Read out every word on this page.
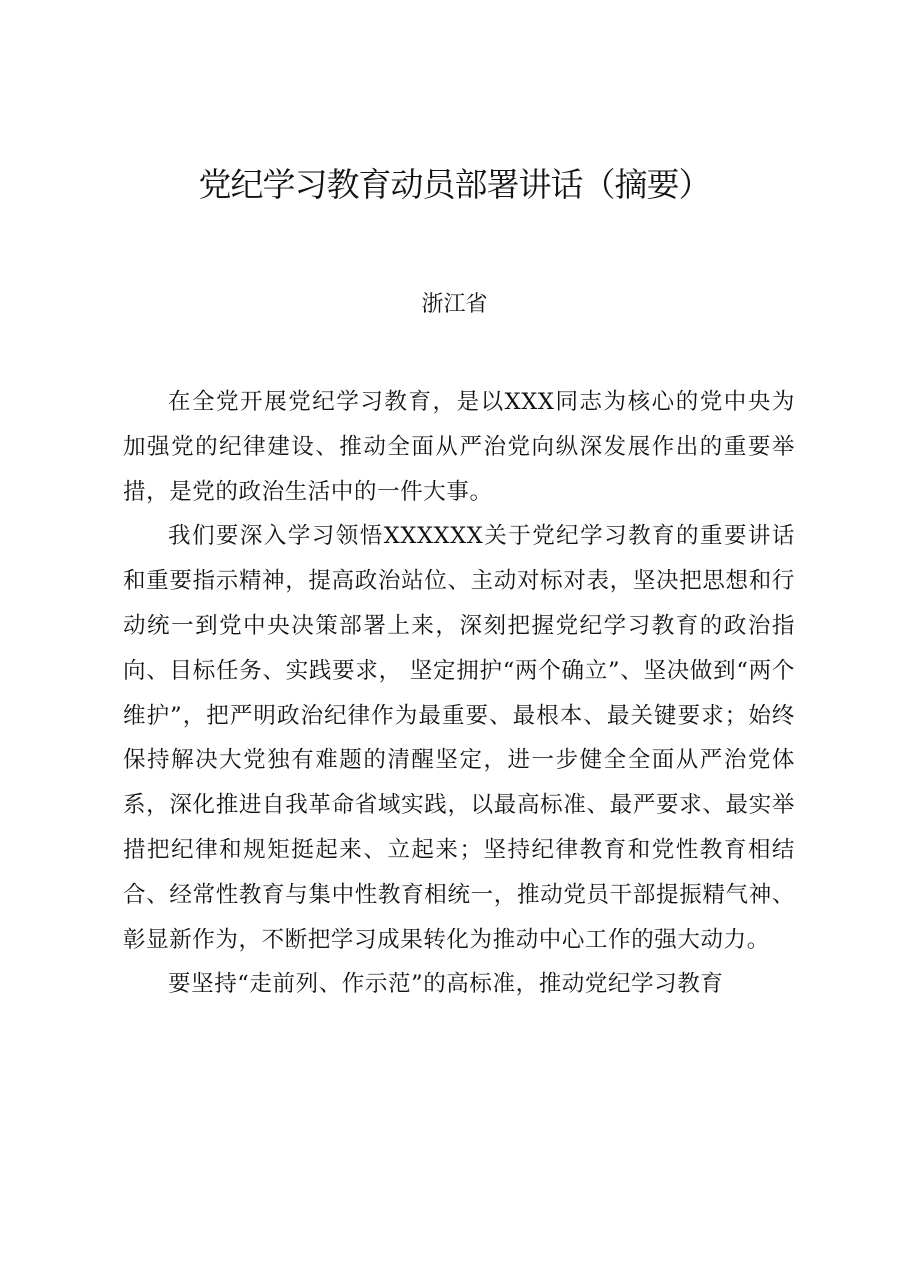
党纪学习教育动员部署讲话（摘要）
浙江省

在全党开展党纪学习教育，是以XXX同志为核心的党中央为加强党的纪律建设、推动全面从严治党向纵深发展作出的重要举措，是党的政治生活中的一件大事。

我们要深入学习领悟XXXXXX关于党纪学习教育的重要讲话和重要指示精神，提高政治站位、主动对标对表，坚决把思想和行动统一到党中央决策部署上来，深刻把握党纪学习教育的政治指向、目标任务、实践要求， 坚定拥护“两个确立”、坚决做到“两个维护”，把严明政治纪律作为最重要、最根本、最关键要求；始终保持解决大党独有难题的清醒坚定，进一步健全全面从严治党体系，深化推进自我革命省域实践，以最高标准、最严要求、最实举措把纪律和规矩挺起来、立起来；坚持纪律教育和党性教育相结合、经常性教育与集中性教育相统一，推动党员干部提振精气神、彰显新作为，不断把学习成果转化为推动中心工作的强大动力。

要坚持“走前列、作示范”的高标准，推动党纪学习教育
